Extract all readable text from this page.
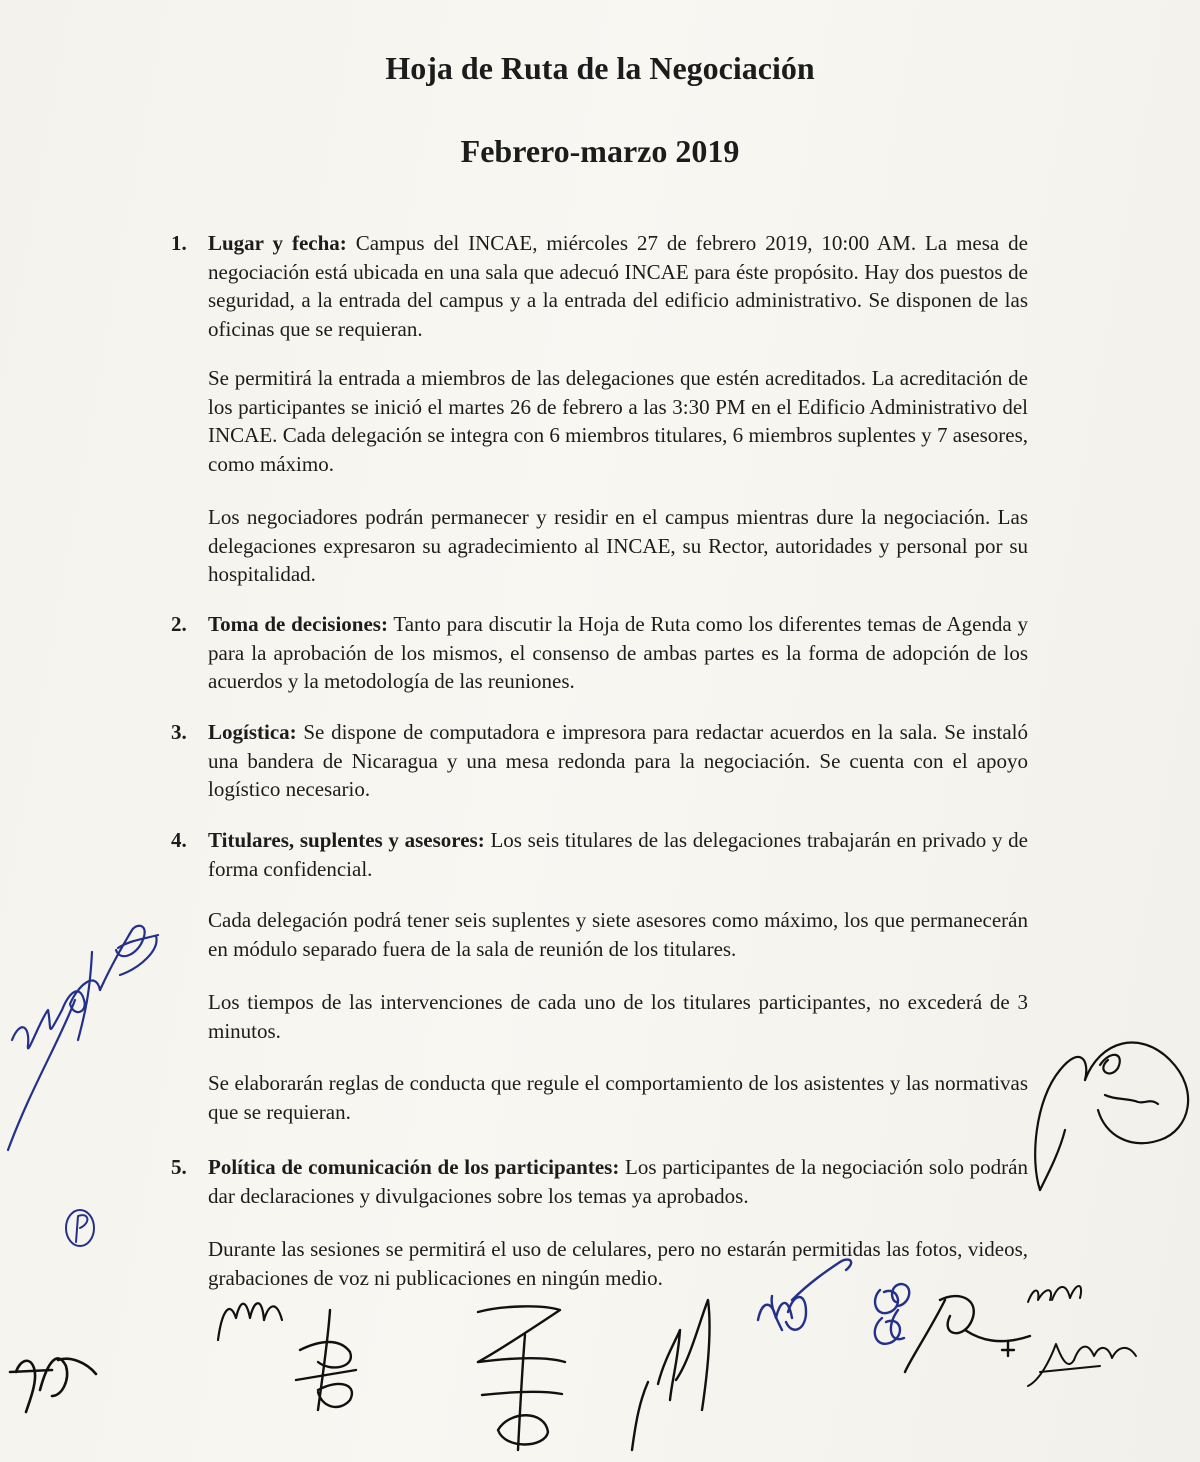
Hoja de Ruta de la Negociación
Febrero-marzo 2019

1. Lugar y fecha: Campus del INCAE, miércoles 27 de febrero 2019, 10:00 AM. La mesa de negociación está ubicada en una sala que adecuó INCAE para éste propósito. Hay dos puestos de seguridad, a la entrada del campus y a la entrada del edificio administrativo. Se disponen de las oficinas que se requieran.

Se permitirá la entrada a miembros de las delegaciones que estén acreditados. La acreditación de los participantes se inició el martes 26 de febrero a las 3:30 PM en el Edificio Administrativo del INCAE. Cada delegación se integra con 6 miembros titulares, 6 miembros suplentes y 7 asesores, como máximo.

Los negociadores podrán permanecer y residir en el campus mientras dure la negociación. Las delegaciones expresaron su agradecimiento al INCAE, su Rector, autoridades y personal por su hospitalidad.

2. Toma de decisiones: Tanto para discutir la Hoja de Ruta como los diferentes temas de Agenda y para la aprobación de los mismos, el consenso de ambas partes es la forma de adopción de los acuerdos y la metodología de las reuniones.

3. Logística: Se dispone de computadora e impresora para redactar acuerdos en la sala. Se instaló una bandera de Nicaragua y una mesa redonda para la negociación. Se cuenta con el apoyo logístico necesario.

4. Titulares, suplentes y asesores: Los seis titulares de las delegaciones trabajarán en privado y de forma confidencial.

Cada delegación podrá tener seis suplentes y siete asesores como máximo, los que permanecerán en módulo separado fuera de la sala de reunión de los titulares.

Los tiempos de las intervenciones de cada uno de los titulares participantes, no excederá de 3 minutos.

Se elaborarán reglas de conducta que regule el comportamiento de los asistentes y las normativas que se requieran.

5. Política de comunicación de los participantes: Los participantes de la negociación solo podrán dar declaraciones y divulgaciones sobre los temas ya aprobados.

Durante las sesiones se permitirá el uso de celulares, pero no estarán permitidas las fotos, videos, grabaciones de voz ni publicaciones en ningún medio.
